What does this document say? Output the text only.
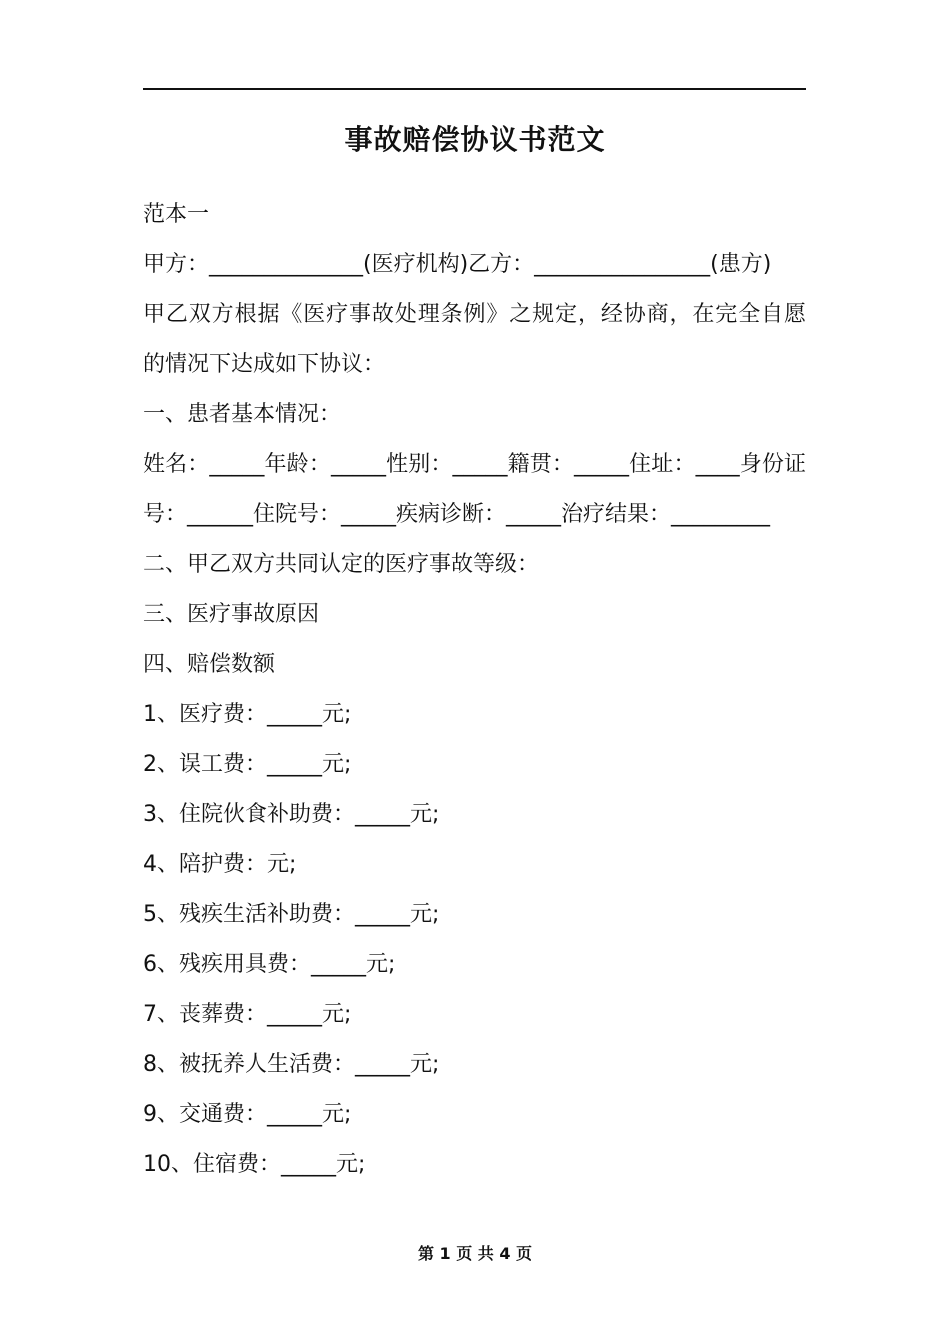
事故赔偿协议书范文
范本一
甲方：______________(医疗机构)乙方：________________(患方)
甲乙双方根据《医疗事故处理条例》之规定，经协商，在完全自愿
的情况下达成如下协议：
一、患者基本情况：
姓名：_____年龄：_____性别：_____籍贯：_____住址：____身份证
号：______住院号：_____疾病诊断：_____治疗结果：_________
二、甲乙双方共同认定的医疗事故等级：
三、医疗事故原因
四、赔偿数额
1、医疗费：_____元;
2、误工费：_____元;
3、住院伙食补助费：_____元;
4、陪护费：元;
5、残疾生活补助费：_____元;
6、残疾用具费：_____元;
7、丧葬费：_____元;
8、被抚养人生活费：_____元;
9、交通费：_____元;
10、住宿费：_____元;
第 1 页 共 4 页
